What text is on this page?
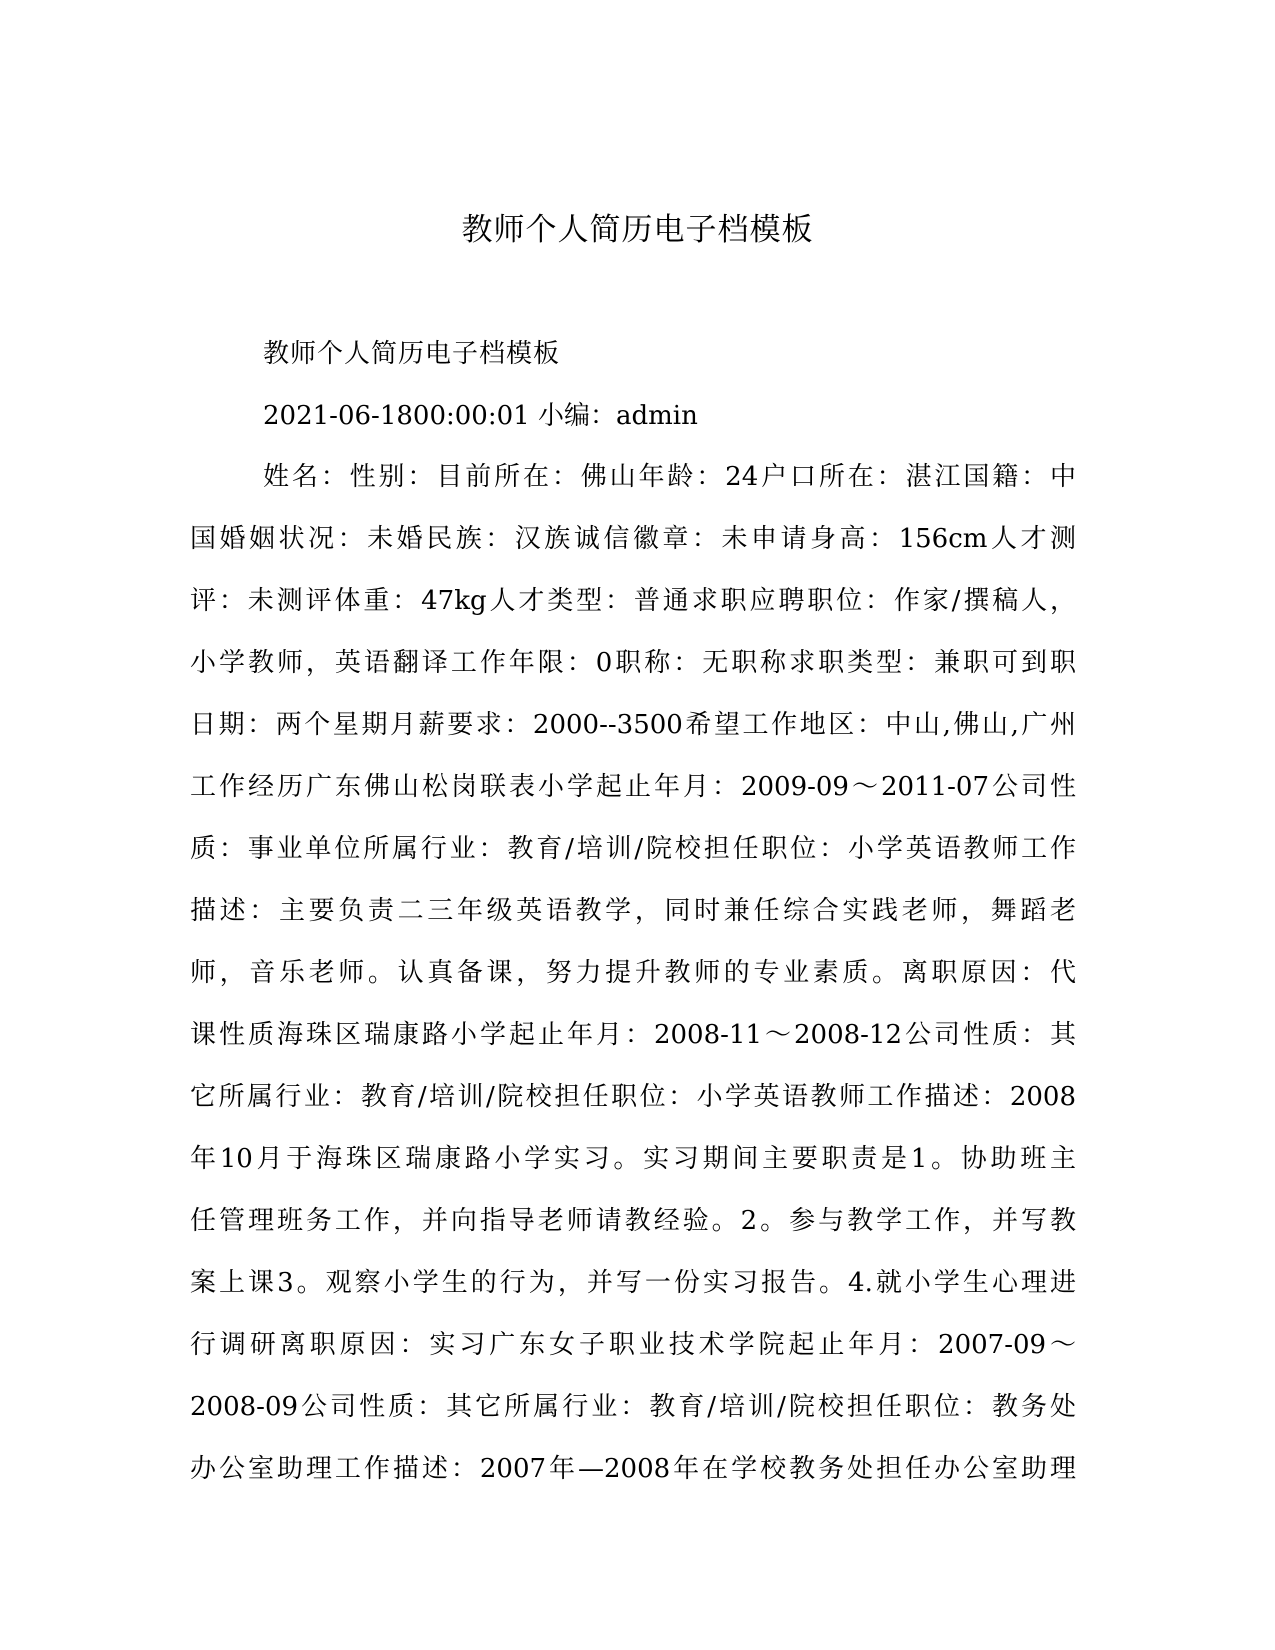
教师个人简历电子档模板

教师个人简历电子档模板

2021-06-1800:00:01 小编：admin

姓名：性别：目前所在：佛山年龄：24户口所在：湛江国籍：中
国婚姻状况：未婚民族：汉族诚信徽章：未申请身高：156cm人才测
评：未测评体重：47kg人才类型：普通求职应聘职位：作家/撰稿人，
小学教师，英语翻译工作年限：0职称：无职称求职类型：兼职可到职
日期：两个星期月薪要求：2000--3500希望工作地区：中山,佛山,广州
工作经历广东佛山松岗联表小学起止年月：2009-09～2011-07公司性
质：事业单位所属行业：教育/培训/院校担任职位：小学英语教师工作
描述：主要负责二三年级英语教学，同时兼任综合实践老师，舞蹈老
师，音乐老师。认真备课，努力提升教师的专业素质。离职原因：代
课性质海珠区瑞康路小学起止年月：2008-11～2008-12公司性质：其
它所属行业：教育/培训/院校担任职位：小学英语教师工作描述：2008
年10月于海珠区瑞康路小学实习。实习期间主要职责是1。协助班主
任管理班务工作，并向指导老师请教经验。2。参与教学工作，并写教
案上课3。观察小学生的行为，并写一份实习报告。4.就小学生心理进
行调研离职原因：实习广东女子职业技术学院起止年月：2007-09～
2008-09公司性质：其它所属行业：教育/培训/院校担任职位：教务处
办公室助理工作描述：2007年—2008年在学校教务处担任办公室助理
